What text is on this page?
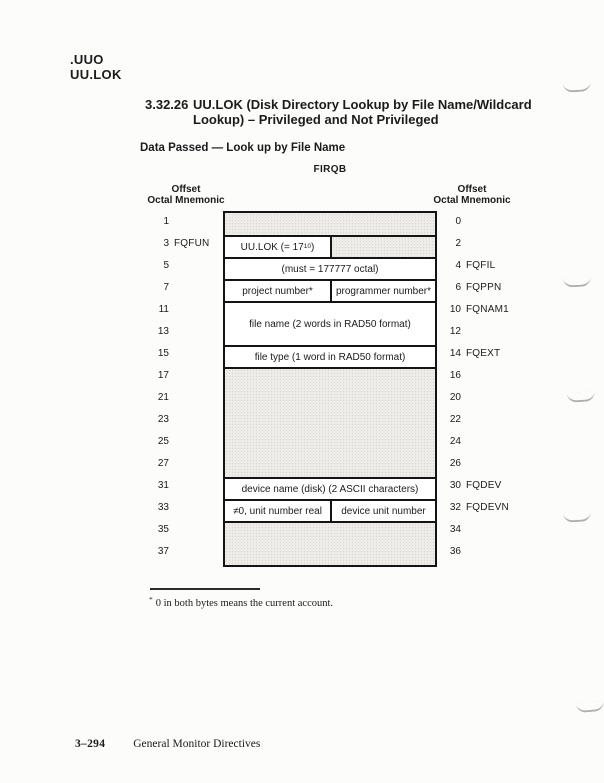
.UUO
UU.LOK
3.32.26 UU.LOK (Disk Directory Lookup by File Name/Wildcard
Lookup) – Privileged and Not Privileged
Data Passed — Look up by File Name
FIRQB
Offset
Octal Mnemonic
Offset
Octal Mnemonic
1
3 FQFUN
5
7
11
13
15
17
21
23
25
27
31
33
35
37
0
2
4 FQFIL
6 FQPPN
10 FQNAM1
12
14 FQEXT
16
20
22
24
26
30 FQDEV
32 FQDEVN
34
36
UU.LOK (= 17 10 )
(must = 177777 octal)
project number*	programmer number*
file name (2 words in RAD50 format)
file type (1 word in RAD50 format)
device name (disk) (2 ASCII characters)
≠0, unit number real	device unit number
* 0 in both bytes means the current account.
3–294 General Monitor Directives
